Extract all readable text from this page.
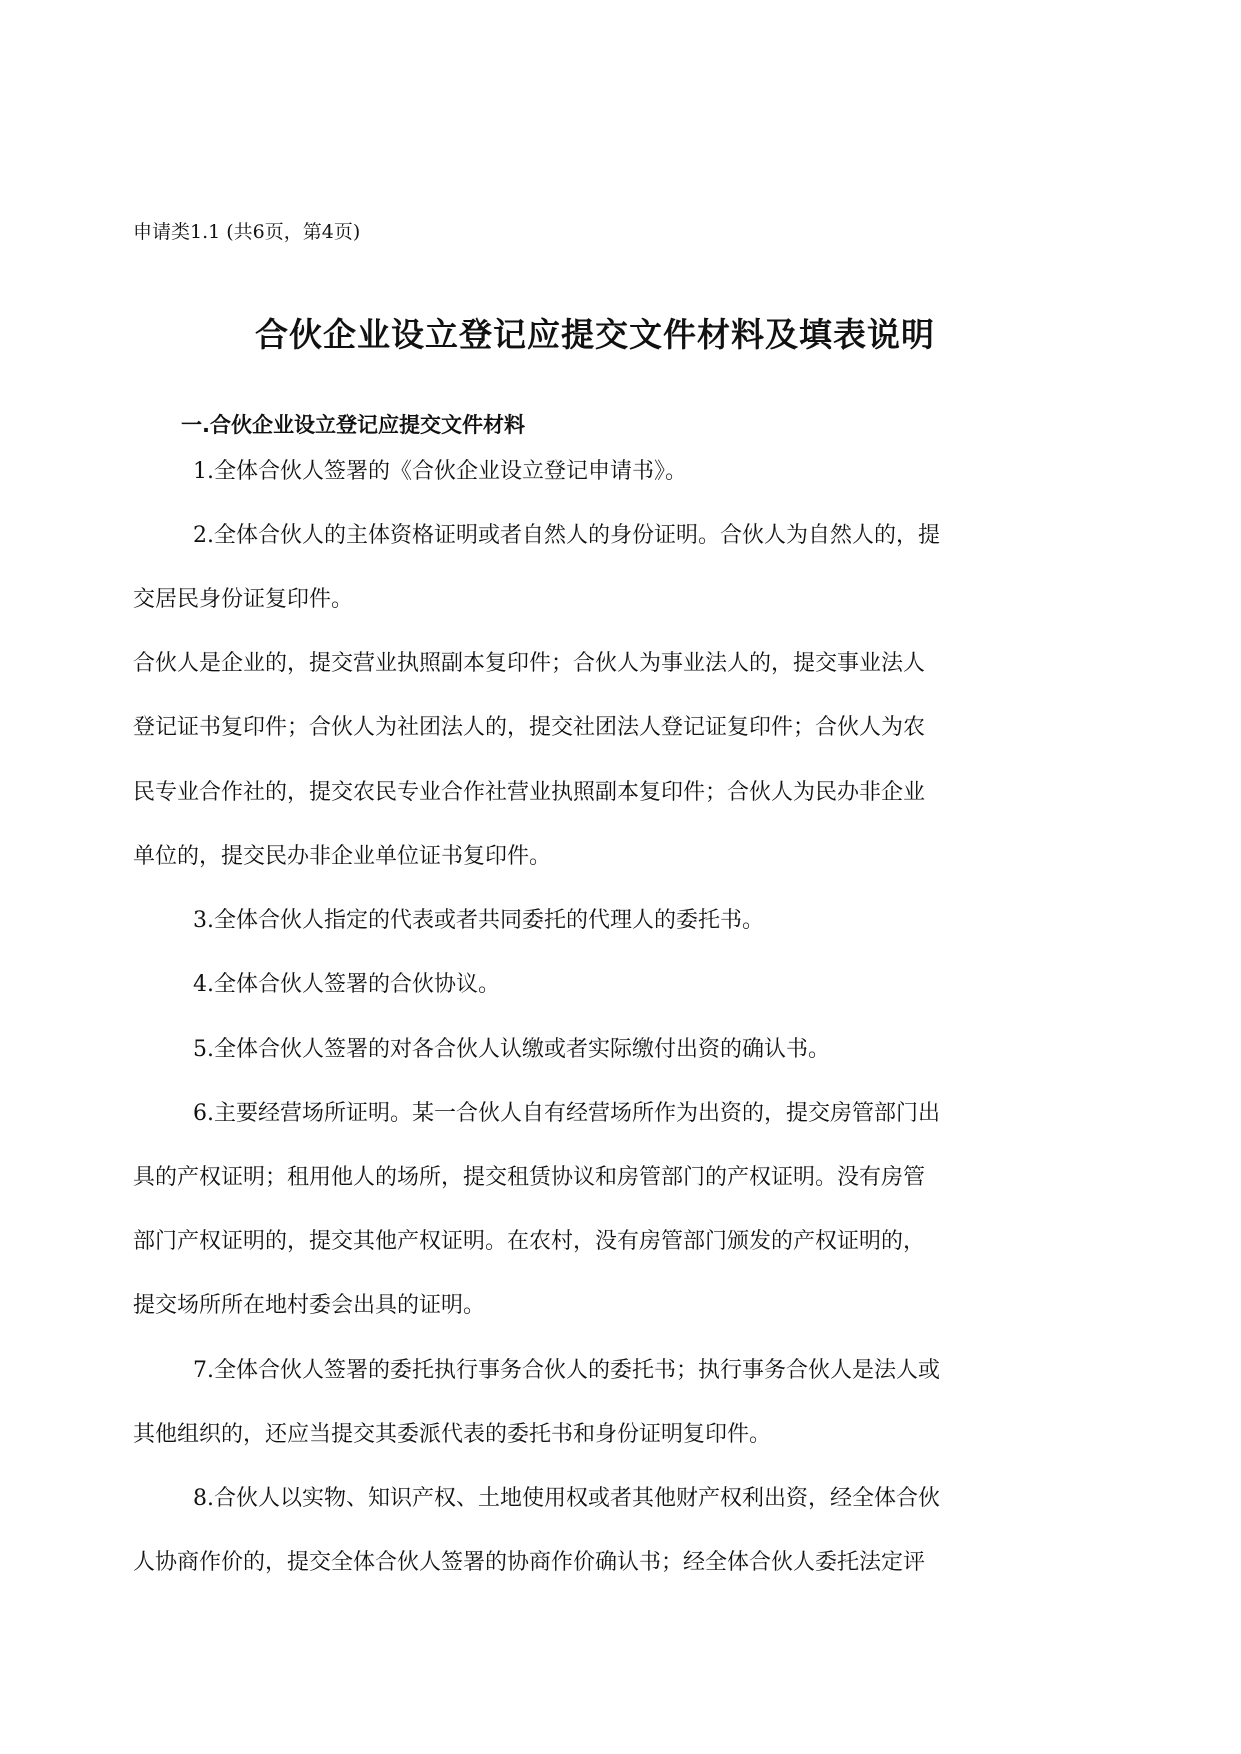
申请类1.1 (共6页，第4页)
合伙企业设立登记应提交文件材料及填表说明
一.合伙企业设立登记应提交文件材料
1.全体合伙人签署的《合伙企业设立登记申请书》。
2.全体合伙人的主体资格证明或者自然人的身份证明。合伙人为自然人的，提
交居民身份证复印件。
合伙人是企业的，提交营业执照副本复印件；合伙人为事业法人的，提交事业法人
登记证书复印件；合伙人为社团法人的，提交社团法人登记证复印件；合伙人为农
民专业合作社的，提交农民专业合作社营业执照副本复印件；合伙人为民办非企业
单位的，提交民办非企业单位证书复印件。
3.全体合伙人指定的代表或者共同委托的代理人的委托书。
4.全体合伙人签署的合伙协议。
5.全体合伙人签署的对各合伙人认缴或者实际缴付出资的确认书。
6.主要经营场所证明。某一合伙人自有经营场所作为出资的，提交房管部门出
具的产权证明；租用他人的场所，提交租赁协议和房管部门的产权证明。没有房管
部门产权证明的，提交其他产权证明。在农村，没有房管部门颁发的产权证明的，
提交场所所在地村委会出具的证明。
7.全体合伙人签署的委托执行事务合伙人的委托书；执行事务合伙人是法人或
其他组织的，还应当提交其委派代表的委托书和身份证明复印件。
8.合伙人以实物、知识产权、土地使用权或者其他财产权利出资，经全体合伙
人协商作价的，提交全体合伙人签署的协商作价确认书；经全体合伙人委托法定评
